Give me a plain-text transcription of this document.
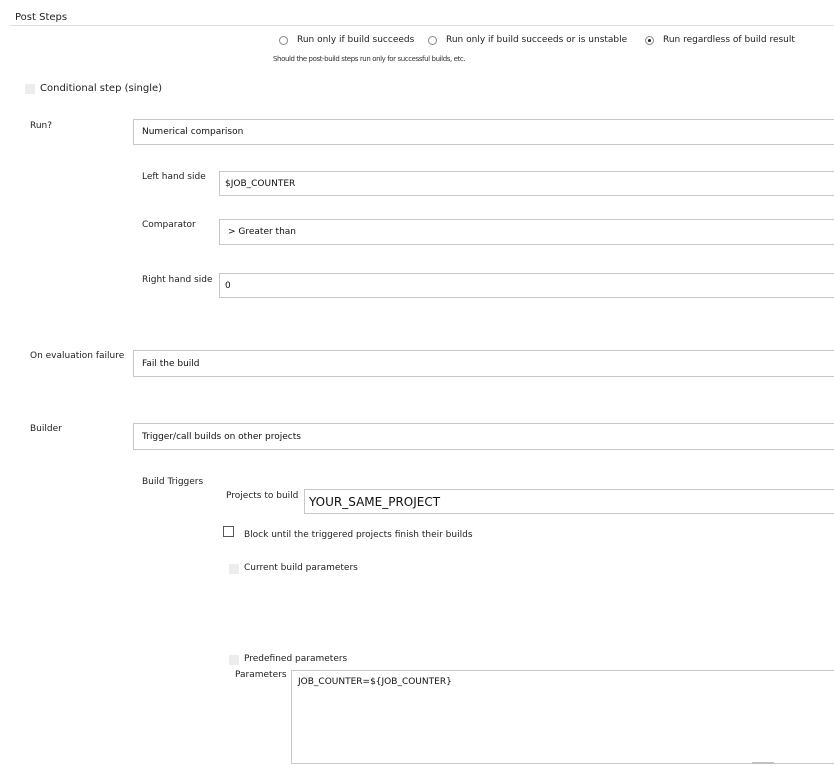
Post Steps
Run only if build succeeds	Run only if build succeeds or is unstable	Run regardless of build result
Should the post-build steps run only for successful builds, etc.
Conditional step (single)
Run?
Numerical comparison
Left hand side
$JOB_COUNTER
Comparator
> Greater than
Right hand side
0
On evaluation failure
Fail the build
Builder
Trigger/call builds on other projects
Build Triggers
Projects to build YOUR_SAME_PROJECT
Block until the triggered projects finish their builds
Current build parameters
Predefined parameters
Parameters
JOB_COUNTER=${JOB_COUNTER}
